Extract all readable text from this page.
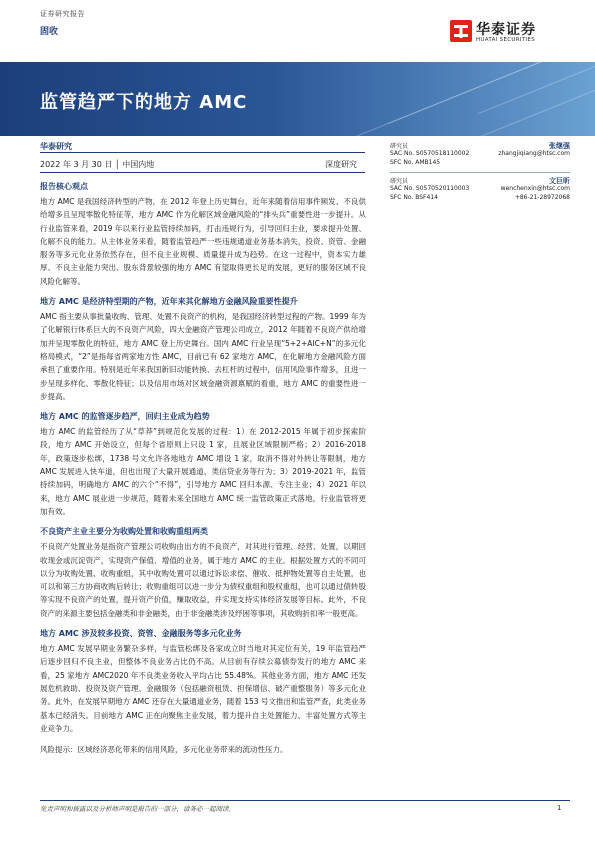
证券研究报告
固收	华泰证券
HUATAI SECURITIES
监管趋严下的地方 AMC
华泰研究
2022 年 3 月 30 日 │ 中国内地	深度研究
研究员	张继强
SAC No. S0570518110002	zhangjiqiang@htsc.com
SFC No. AMB145
研究员	文巨昕
SAC No. S0570520110003	wenchenxin@htsc.com
SFC No. BSF414	+86-21-28972068
报告核心观点

地方 AMC 是我国经济转型的产物，在 2012 年登上历史舞台，近年来随着信用事件频发、不良供给增多且呈现零散化特征等，地方 AMC 作为化解区域金融风险的“排头兵”重要性进一步提升。从行业监管来看，2019 年以来行业监管持续加码，打击违规行为，引导回归主业，要求提升处置、化解不良的能力。从主体业务来看，随着监管趋严一些违规通道业务基本消失，投资、资管、金融服务等多元化业务依然存在，但不良主业规模、质量提升成为趋势。在这一过程中，资本实力雄厚、不良主业能力突出、股东背景较强的地方 AMC 有望取得更长足的发展，更好的服务区域不良风险化解等。

地方 AMC 是经济特型期的产物，近年来其化解地方金融风险重要性提升

AMC 指主要从事批量收购、管理、处置不良资产的机构，是我国经济转型过程的产物。1999 年为了化解银行体系巨大的不良资产风险，四大金融资产管理公司成立，2012 年随着不良资产供给增加并呈现零散化的特征，地方 AMC 登上历史舞台。国内 AMC 行业呈现“5+2+AIC+N”的多元化格局模式，“2”是指每省两家地方性 AMC，目前已有 62 家地方 AMC，在化解地方金融风险方面承担了重要作用。特别是近年来我国新旧动能转换、去杠杆的过程中，信用风险事件增多，且进一步呈现多样化、零散化特征；以及信用市场对区域金融资源禀赋的看重，地方 AMC 的重要性进一步提高。

地方 AMC 的监管逐步趋严，回归主业成为趋势

地方 AMC 的监管经历了从“草莽”到规范化发展的过程：1）在 2012-2015 年属于初步探索阶段，地方 AMC 开始设立，但每个省原则上只设 1 家，且展业区域限制严格；2）2016-2018 年，政策逐步松绑，1738 号文允许各地地方 AMC 增设 1 家，取消不得对外转让等限制，地方 AMC 发展进入快车道，但也出现了大量开展通道、类信贷业务等行为；3）2019-2021 年，监管持续加码，明确地方 AMC 的六个“不得”，引导地方 AMC 回归本源、专注主业；4）2021 年以来，地方 AMC 展业进一步规范，随着未来全国地方 AMC 统一监管政策正式落地，行业监管将更加有效。

不良资产主业主要分为收购处置和收购重组两类

不良资产处置业务是指资产管理公司收购由出方的不良资产，对其进行管理、经营、处置，以期回收现金或沉淀资产，实现资产保值、增值的业务，属于地方 AMC 的主业。根据处置方式的不同可以分为收购处置、收购重组，其中收购处置可以通过诉讼求偿、催收、抵押物处置等自主处置，也可以和第三方协商收购后转让；收购重组可以进一步分为债权重组和股权重组，也可以通过债转股等实现不良资产的处置，提升资产价值，赚取收益，并实现支持实体经济发展等目标。此外，不良资产的来源主要包括金融类和非金融类，由于非金融类涉及纾困等事项，其收购折扣率一般更高。

地方 AMC 涉及较多投资、资管、金融服务等多元化业务

地方 AMC 发展早期业务繁杂多样，与监管松绑及各家成立时当地对其定位有关，19 年监管趋严后逐步回归不良主业，但整体不良业务占比仍不高。从目前有存续公募债券发行的地方 AMC 来看，25 家地方 AMC2020 年不良类业务收入平均占比 55.48%。其他业务方面，地方 AMC 还发展危机救助、投资及资产管理、金融服务（包括融资租赁、担保增信、破产重整服务）等多元化业务。此外，在发展早期地方 AMC 还存在大量通道业务，随着 153 号文推出和监管严查，此类业务基本已经消失。目前地方 AMC 正在向聚焦主业发展，着力提升自主处置能力、丰富处置方式等主业竞争力。

风险提示：区域经济恶化带来的信用风险，多元化业务带来的流动性压力。

免责声明和披露以及分析师声明是报告的一部分，请务必一起阅读。	1
